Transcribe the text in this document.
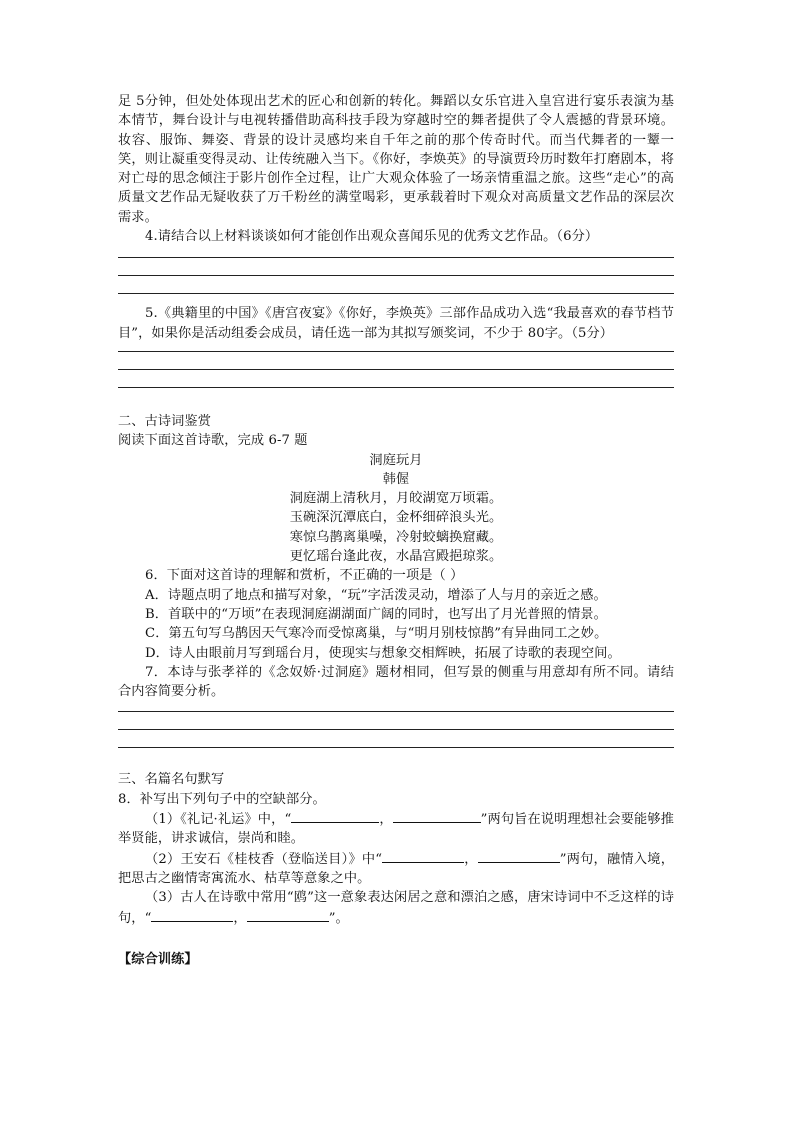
足 5分钟，但处处体现出艺术的匠心和创新的转化。舞蹈以女乐官进入皇宫进行宴乐表演为基本情节，舞台设计与电视转播借助高科技手段为穿越时空的舞者提供了令人震撼的背景环境。妆容、服饰、舞姿、背景的设计灵感均来自千年之前的那个传奇时代。而当代舞者的一颦一笑，则让凝重变得灵动、让传统融入当下。《你好，李焕英》的导演贾玲历时数年打磨剧本，将对亡母的思念倾注于影片创作全过程，让广大观众体验了一场亲情重温之旅。这些“走心”的高质量文艺作品无疑收获了万千粉丝的满堂喝彩，更承载着时下观众对高质量文艺作品的深层次需求。

4.请结合以上材料谈谈如何才能创作出观众喜闻乐见的优秀文艺作品。（6分）

5.《典籍里的中国》《唐宫夜宴》《你好，李焕英》三部作品成功入选“我最喜欢的春节档节目”，如果你是活动组委会成员，请任选一部为其拟写颁奖词，不少于 80字。（5分）

二、古诗词鉴赏

阅读下面这首诗歌，完成 6-7 题

洞庭玩月

韩偓

洞庭湖上清秋月，月皎湖宽万顷霜。

玉碗深沉潭底白，金杯细碎浪头光。

寒惊乌鹊离巢噪，冷射蛟螭换窟藏。

更忆瑶台逢此夜，水晶宫殿挹琼浆。

6．下面对这首诗的理解和赏析，不正确的一项是（ ）

A．诗题点明了地点和描写对象，“玩”字活泼灵动，增添了人与月的亲近之感。

B．首联中的“万顷”在表现洞庭湖湖面广阔的同时，也写出了月光普照的情景。

C．第五句写乌鹊因天气寒冷而受惊离巢，与“明月别枝惊鹊”有异曲同工之妙。

D．诗人由眼前月写到瑶台月，使现实与想象交相辉映，拓展了诗歌的表现空间。

7．本诗与张孝祥的《念奴娇·过洞庭》题材相同，但写景的侧重与用意却有所不同。请结合内容简要分析。

三、名篇名句默写

8．补写出下列句子中的空缺部分。

（1）《礼记·礼运》中，“	，	”两句旨在说明理想社会要能够推举贤能，讲求诚信，崇尚和睦。

（2）王安石《桂枝香（登临送目）》中“	，	”两句，融情入境，把思古之幽情寄寓流水、枯草等意象之中。

（3）古人在诗歌中常用“鸥”这一意象表达闲居之意和漂泊之感，唐宋诗词中不乏这样的诗句，“	，	”。

【综合训练】
